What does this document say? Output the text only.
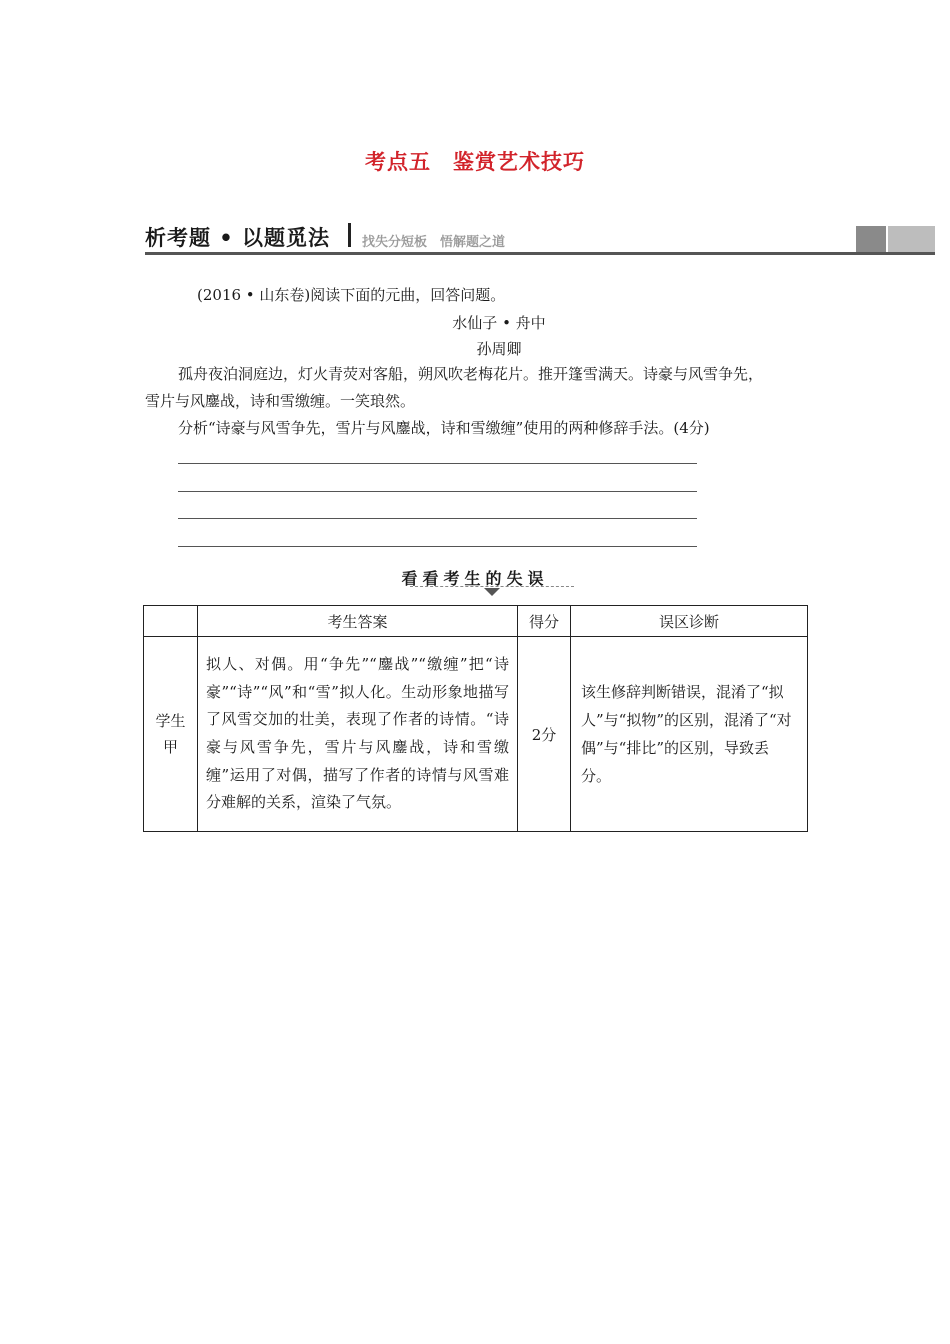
考点五　鉴赏艺术技巧
析考题 • 以题觅法 找失分短板　悟解题之道
(2016 • 山东卷)阅读下面的元曲，回答问题。
水仙子 • 舟中
孙周卿
孤舟夜泊洞庭边，灯火青荧对客船，朔风吹老梅花片。推开篷雪满天。诗豪与风雪争先，
雪片与风鏖战，诗和雪缴缠。一笑琅然。
分析“诗豪与风雪争先，雪片与风鏖战，诗和雪缴缠”使用的两种修辞手法。(4分)
看看考生的失误
	考生答案	得分	误区诊断

学生甲	拟人、对偶。用“争先”“鏖战”“缴缠”把“诗豪”“诗”“风”和“雪”拟人化。生动形象地描写了风雪交加的壮美，表现了作者的诗情。“诗豪与风雪争先，雪片与风鏖战，诗和雪缴缠”运用了对偶，描写了作者的诗情与风雪难分难解的关系，渲染了气氛。	2分	该生修辞判断错误，混淆了“拟人”与“拟物”的区别，混淆了“对偶”与“排比”的区别，导致丢分。
